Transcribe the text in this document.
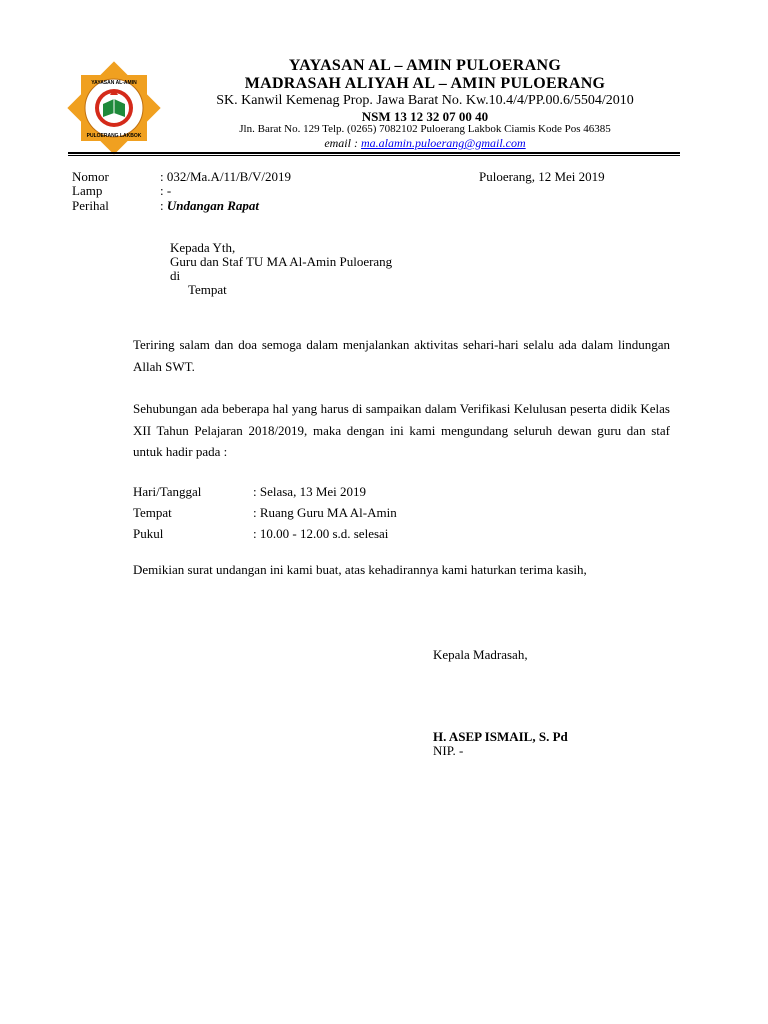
YAYASAN AL-AMIN
PULOERANG LAKBOK
YAYASAN AL – AMIN PULOERANG
MADRASAH ALIYAH AL – AMIN PULOERANG
SK. Kanwil Kemenag Prop. Jawa Barat No. Kw.10.4/4/PP.00.6/5504/2010
NSM 13 12 32 07 00 40
Jln. Barat No. 129 Telp. (0265) 7082102 Puloerang Lakbok Ciamis Kode Pos 46385
email : ma.alamin.puloerang@gmail.com
Nomor	: 032/Ma.A/11/B/V/2019	Puloerang, 12 Mei 2019
Lamp	: -
Perihal	: Undangan Rapat
Kepada Yth,
Guru dan Staf TU MA Al-Amin Puloerang
di
Tempat
Teriring salam dan doa semoga dalam menjalankan aktivitas sehari-hari selalu ada dalam lindungan Allah SWT.
Sehubungan ada beberapa hal yang harus di sampaikan dalam Verifikasi Kelulusan peserta didik Kelas XII Tahun Pelajaran 2018/2019, maka dengan ini kami mengundang seluruh dewan guru dan staf untuk hadir pada :
Hari/Tanggal	: Selasa, 13 Mei 2019
Tempat	: Ruang Guru MA Al-Amin
Pukul	: 10.00 - 12.00 s.d. selesai
Demikian surat undangan ini kami buat, atas kehadirannya kami haturkan terima kasih,
Kepala Madrasah,
H. ASEP ISMAIL, S. Pd
NIP. -
